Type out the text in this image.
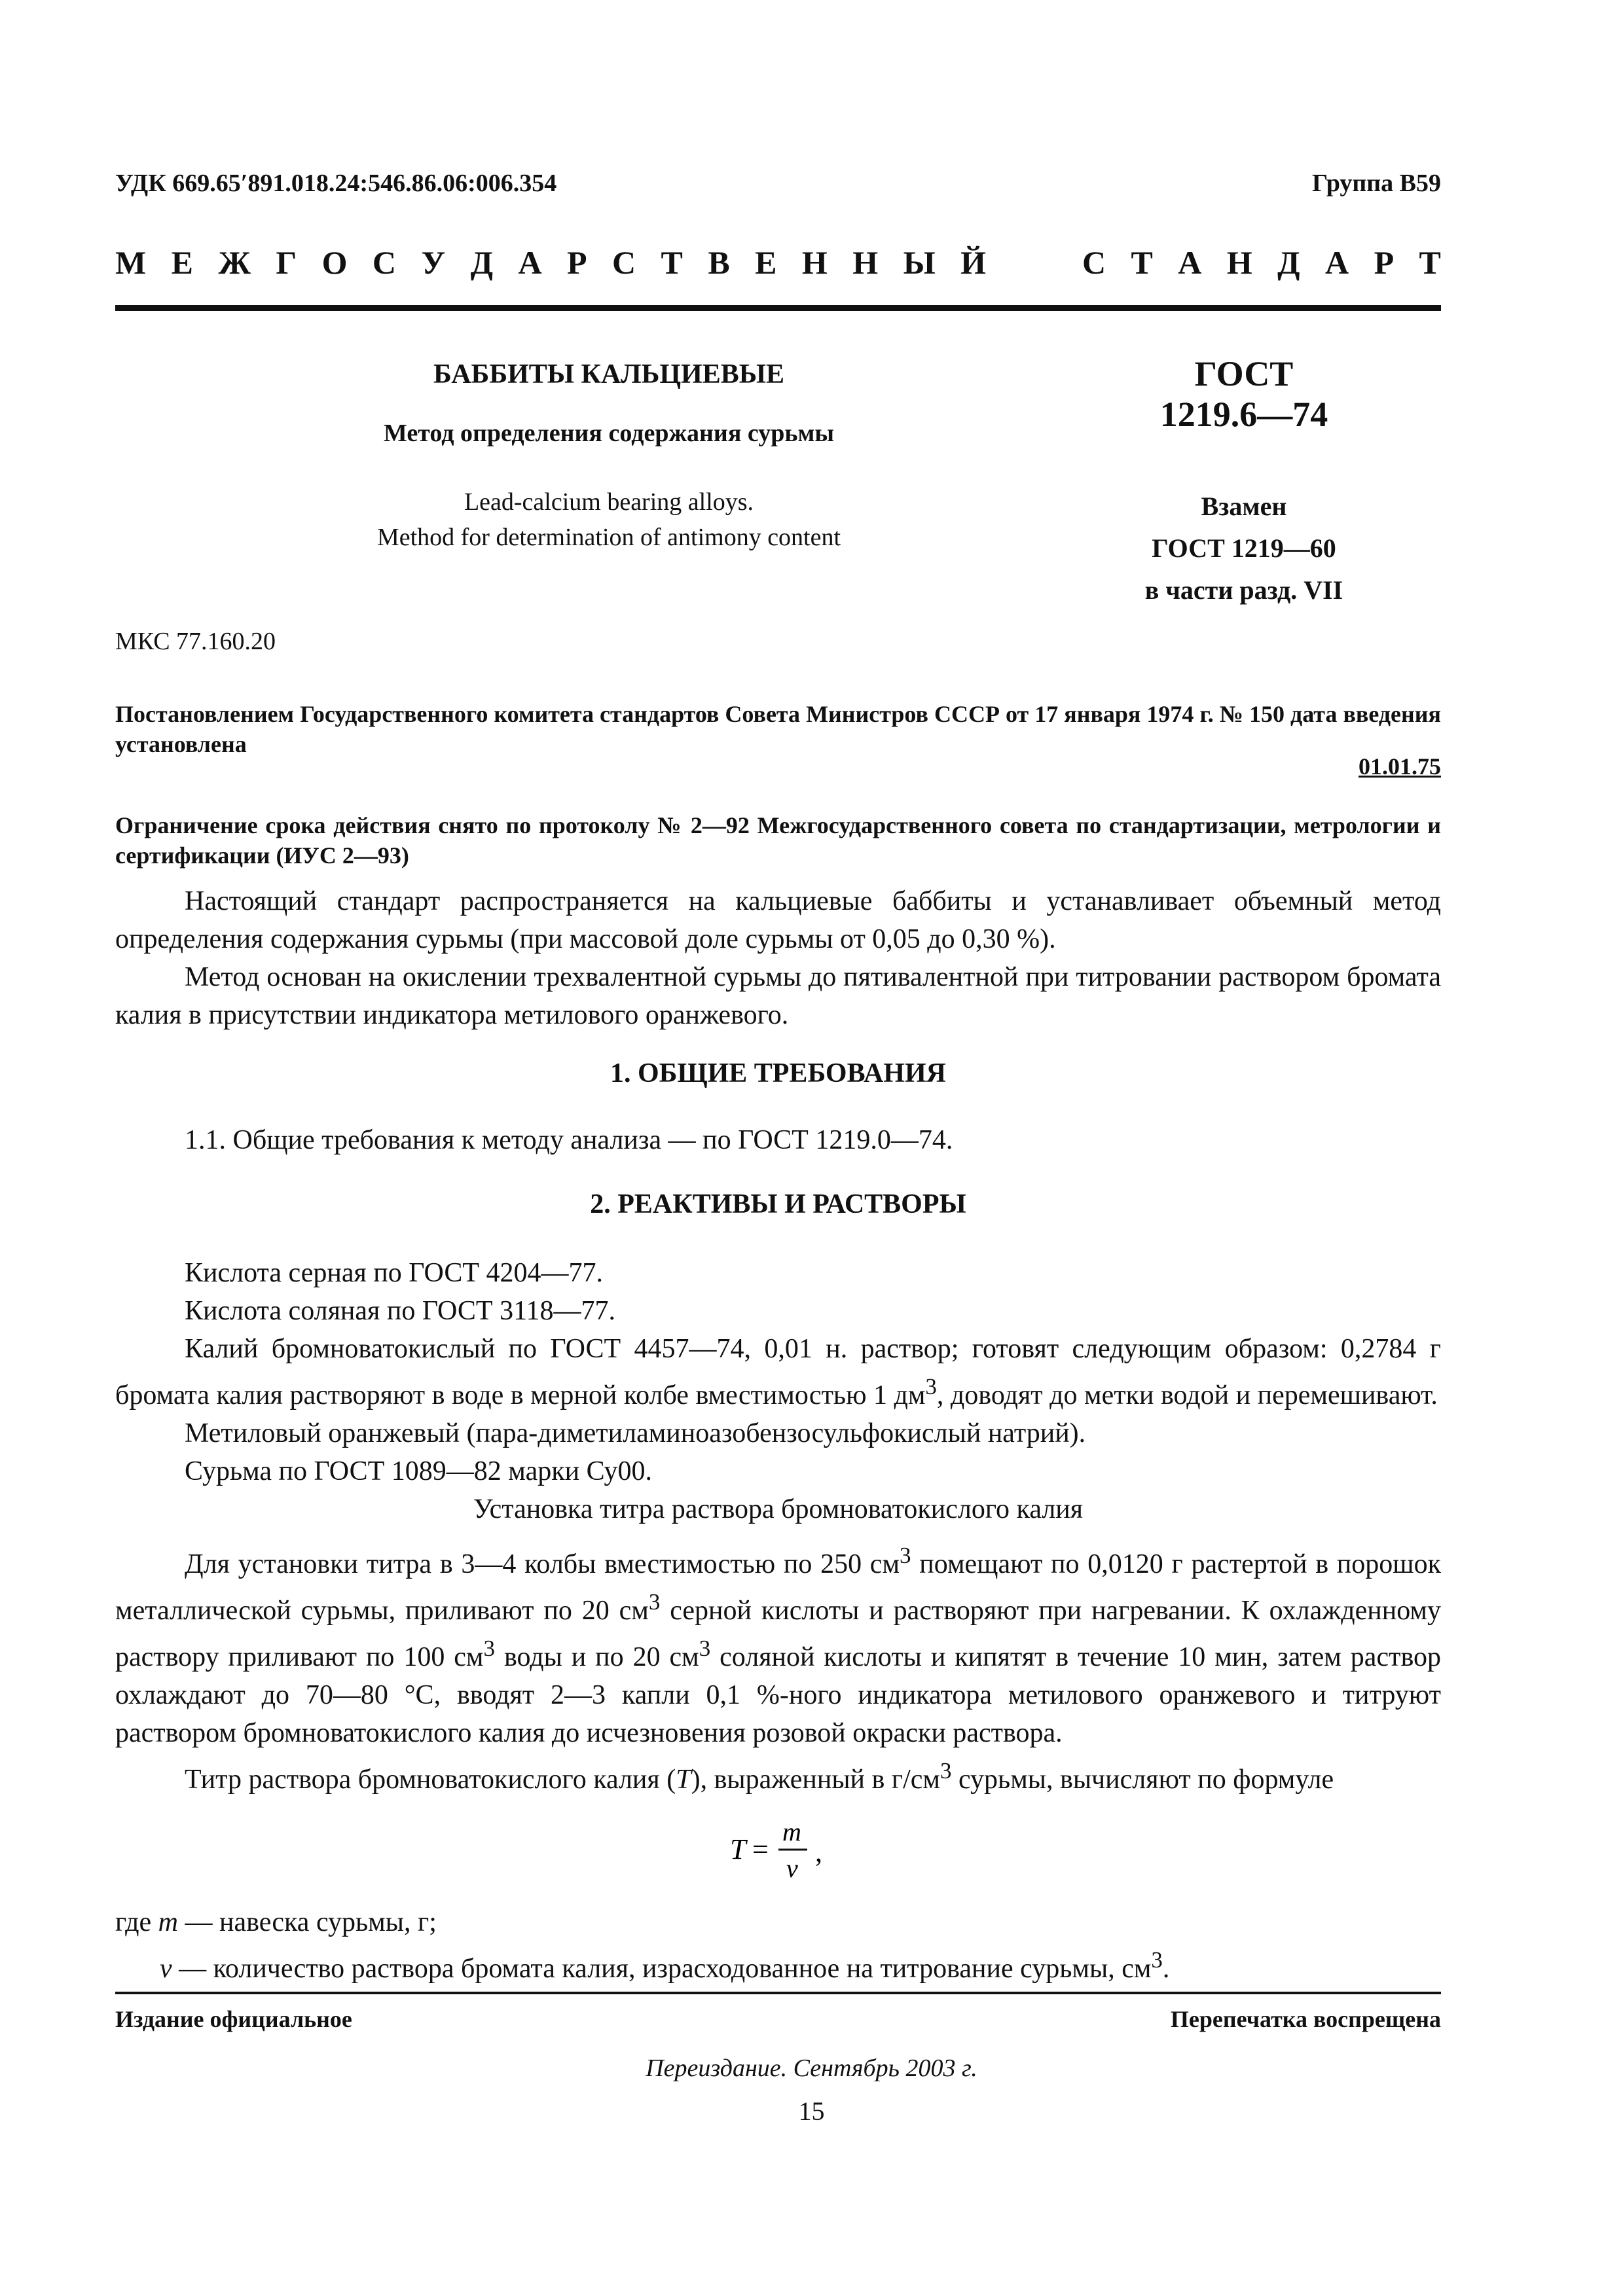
УДК 669.65′891.018.24:546.86.06:006.354	Группа В59
М Е Ж Г О С У Д А Р С Т В Е Н Н Ы Й	С Т А Н Д А Р Т
БАББИТЫ КАЛЬЦИЕВЫЕ
Метод определения содержания сурьмы
Lead-calcium bearing alloys.
Method for determination of antimony content
ГОСТ
1219.6—74
Взамен
ГОСТ 1219—60
в части разд. VII
МКС 77.160.20
Постановлением Государственного комитета стандартов Совета Министров СССР от 17 января 1974 г. № 150 дата введения установлена
01.01.75
Ограничение срока действия снято по протоколу № 2—92 Межгосударственного совета по стандартизации, метрологии и сертификации (ИУС 2—93)

Настоящий стандарт распространяется на кальциевые баббиты и устанавливает объемный метод определения содержания сурьмы (при массовой доле сурьмы от 0,05 до 0,30 %).

Метод основан на окислении трехвалентной сурьмы до пятивалентной при титровании раствором бромата калия в присутствии индикатора метилового оранжевого.

1. ОБЩИЕ ТРЕБОВАНИЯ
1.1. Общие требования к методу анализа — по ГОСТ 1219.0—74.
2. РЕАКТИВЫ И РАСТВОРЫ

Кислота серная по ГОСТ 4204—77.

Кислота соляная по ГОСТ 3118—77.

Калий бромноватокислый по ГОСТ 4457—74, 0,01 н. раствор; готовят следующим образом: 0,2784 г бромата калия растворяют в воде в мерной колбе вместимостью 1 $дм^3$, доводят до метки водой и перемешивают.

Метиловый оранжевый (пара-диметиламиноазобензосульфокислый натрий).

Сурьма по ГОСТ 1089—82 марки Су00.

Установка титра раствора бромноватокислого калия

Для установки титра в 3—4 колбы вместимостью по 250 $см^3$ помещают по 0,0120 г растертой в порошок металлической сурьмы, приливают по 20 $см^3$ серной кислоты и растворяют при нагревании. К охлажденному раствору приливают по 100 $см^3$ воды и по 20 $см^3$ соляной кислоты и кипятят в течение 10 мин, затем раствор охлаждают до 70—80 °С, вводят 2—3 капли 0,1 %-ного индикатора метилового оранжевого и титруют раствором бромноватокислого калия до исчезновения розовой окраски раствора.

Титр раствора бромноватокислого калия (T), выраженный в $г/см^3$ сурьмы, вычисляют по формуле

T =
m
v
,

где m — навеска сурьмы, г;

v — количество раствора бромата калия, израсходованное на титрование сурьмы, $см^3$.

Издание официальное	Перепечатка воспрещена
Переиздание. Сентябрь 2003 г.
15
